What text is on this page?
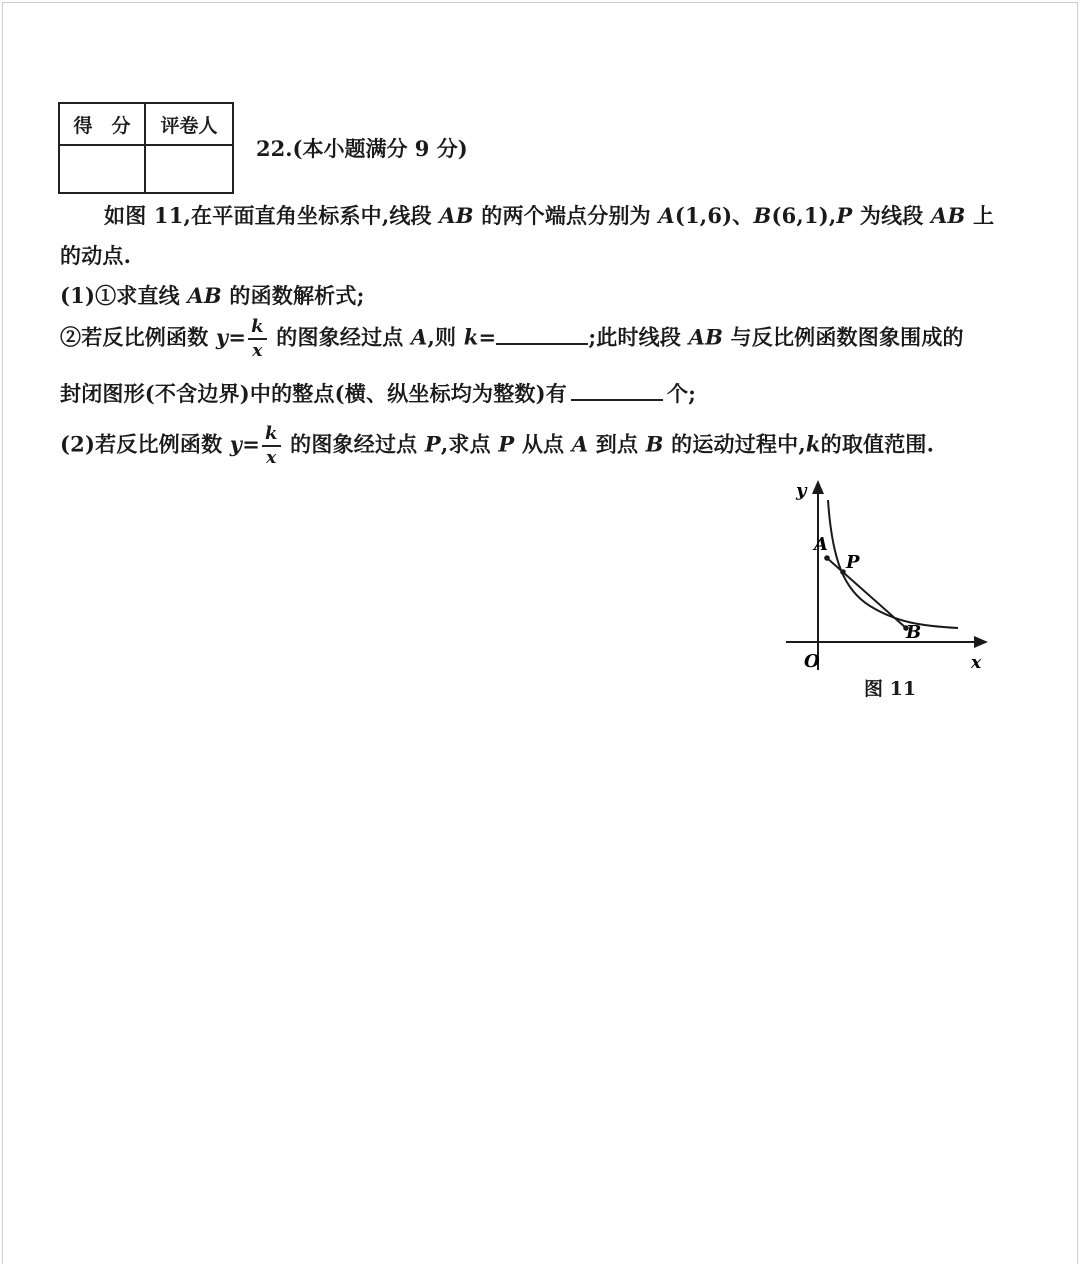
得　分	评卷人

22.(本小题满分 9 分)
如图 11,在平面直角坐标系中,线段 AB 的两个端点分别为 A(1,6)、B(6,1),P 为线段 AB 上
的动点.
(1)①求直线 AB 的函数解析式;
②若反比例函数 $y= \frac{k}{x}$ 的图象经过点 A,则 k=	;此时线段 AB 与反比例函数图象围成的
封闭图形(不含边界)中的整点(横、纵坐标均为整数)有	个;
(2)若反比例函数 $y= \frac{k}{x}$ 的图象经过点 P,求点 P 从点 A 到点 B 的运动过程中,k的取值范围.
y
x
O
A
P
B
图 11
